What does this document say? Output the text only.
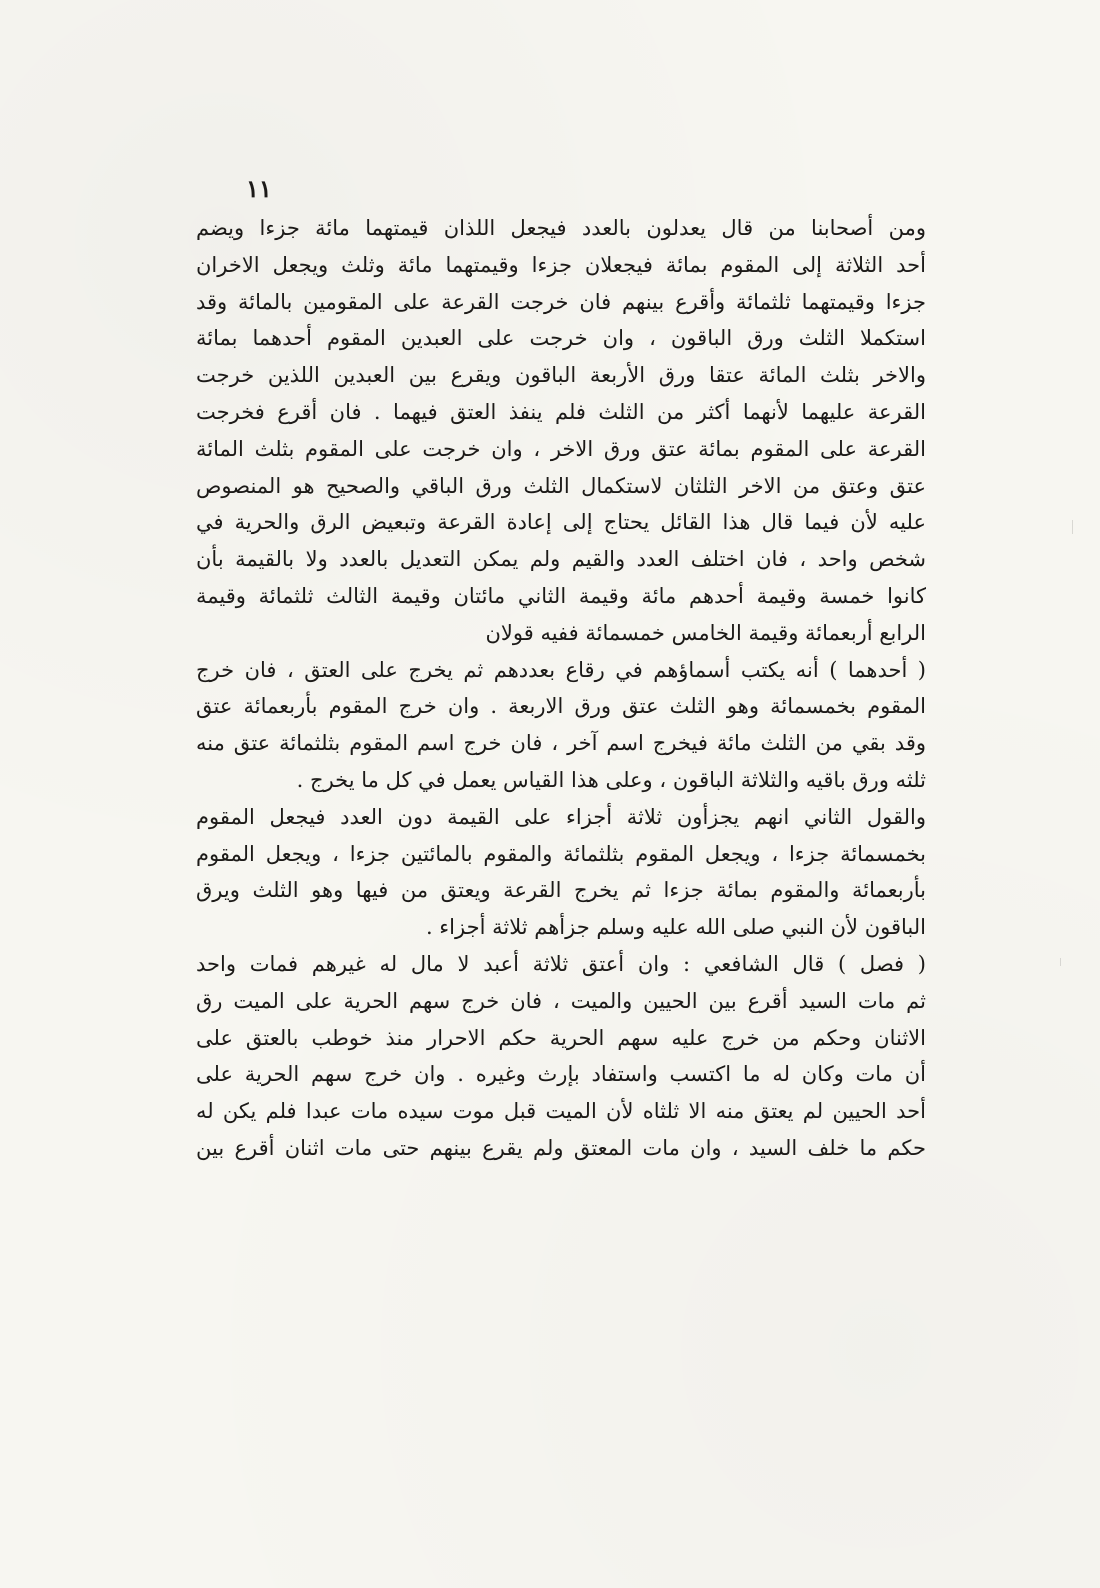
١١
ومن أصحابنا من قال يعدلون بالعدد فيجعل اللذان قيمتهما مائة جزءا ويضم
أحد الثلاثة إلى المقوم بمائة فيجعلان جزءا وقيمتهما مائة وثلث ويجعل الاخران
جزءا وقيمتهما ثلثمائة وأقرع بينهم فان خرجت القرعة على المقومين بالمائة وقد
استكملا الثلث ورق الباقون ، وان خرجت على العبدين المقوم أحدهما بمائة
والاخر بثلث المائة عتقا ورق الأربعة الباقون ويقرع بين العبدين اللذين خرجت
القرعة عليهما لأنهما أكثر من الثلث فلم ينفذ العتق فيهما . فان أقرع فخرجت
القرعة على المقوم بمائة عتق ورق الاخر ، وان خرجت على المقوم بثلث المائة
عتق وعتق من الاخر الثلثان لاستكمال الثلث ورق الباقي والصحيح هو المنصوص
عليه لأن فيما قال هذا القائل يحتاج إلى إعادة القرعة وتبعيض الرق والحرية في
شخص واحد ، فان اختلف العدد والقيم ولم يمكن التعديل بالعدد ولا بالقيمة بأن
كانوا خمسة وقيمة أحدهم مائة وقيمة الثاني مائتان وقيمة الثالث ثلثمائة وقيمة
الرابع أربعمائة وقيمة الخامس خمسمائة ففيه قولان
( أحدهما ) أنه يكتب أسماؤهم في رقاع بعددهم ثم يخرج على العتق ، فان خرج
المقوم بخمسمائة وهو الثلث عتق ورق الاربعة . وان خرج المقوم بأربعمائة عتق
وقد بقي من الثلث مائة فيخرج اسم آخر ، فان خرج اسم المقوم بثلثمائة عتق منه
ثلثه ورق باقيه والثلاثة الباقون ، وعلى هذا القياس يعمل في كل ما يخرج .
والقول الثاني انهم يجزأون ثلاثة أجزاء على القيمة دون العدد فيجعل المقوم
بخمسمائة جزءا ، ويجعل المقوم بثلثمائة والمقوم بالمائتين جزءا ، ويجعل المقوم
بأربعمائة والمقوم بمائة جزءا ثم يخرج القرعة ويعتق من فيها وهو الثلث ويرق
الباقون لأن النبي صلى الله عليه وسلم جزأهم ثلاثة أجزاء .
( فصل ) قال الشافعي : وان أعتق ثلاثة أعبد لا مال له غيرهم فمات واحد
ثم مات السيد أقرع بين الحيين والميت ، فان خرج سهم الحرية على الميت رق
الاثنان وحكم من خرج عليه سهم الحرية حكم الاحرار منذ خوطب بالعتق على
أن مات وكان له ما اكتسب واستفاد بإرث وغيره . وان خرج سهم الحرية على
أحد الحيين لم يعتق منه الا ثلثاه لأن الميت قبل موت سيده مات عبدا فلم يكن له
حكم ما خلف السيد ، وان مات المعتق ولم يقرع بينهم حتى مات اثنان أقرع بين
